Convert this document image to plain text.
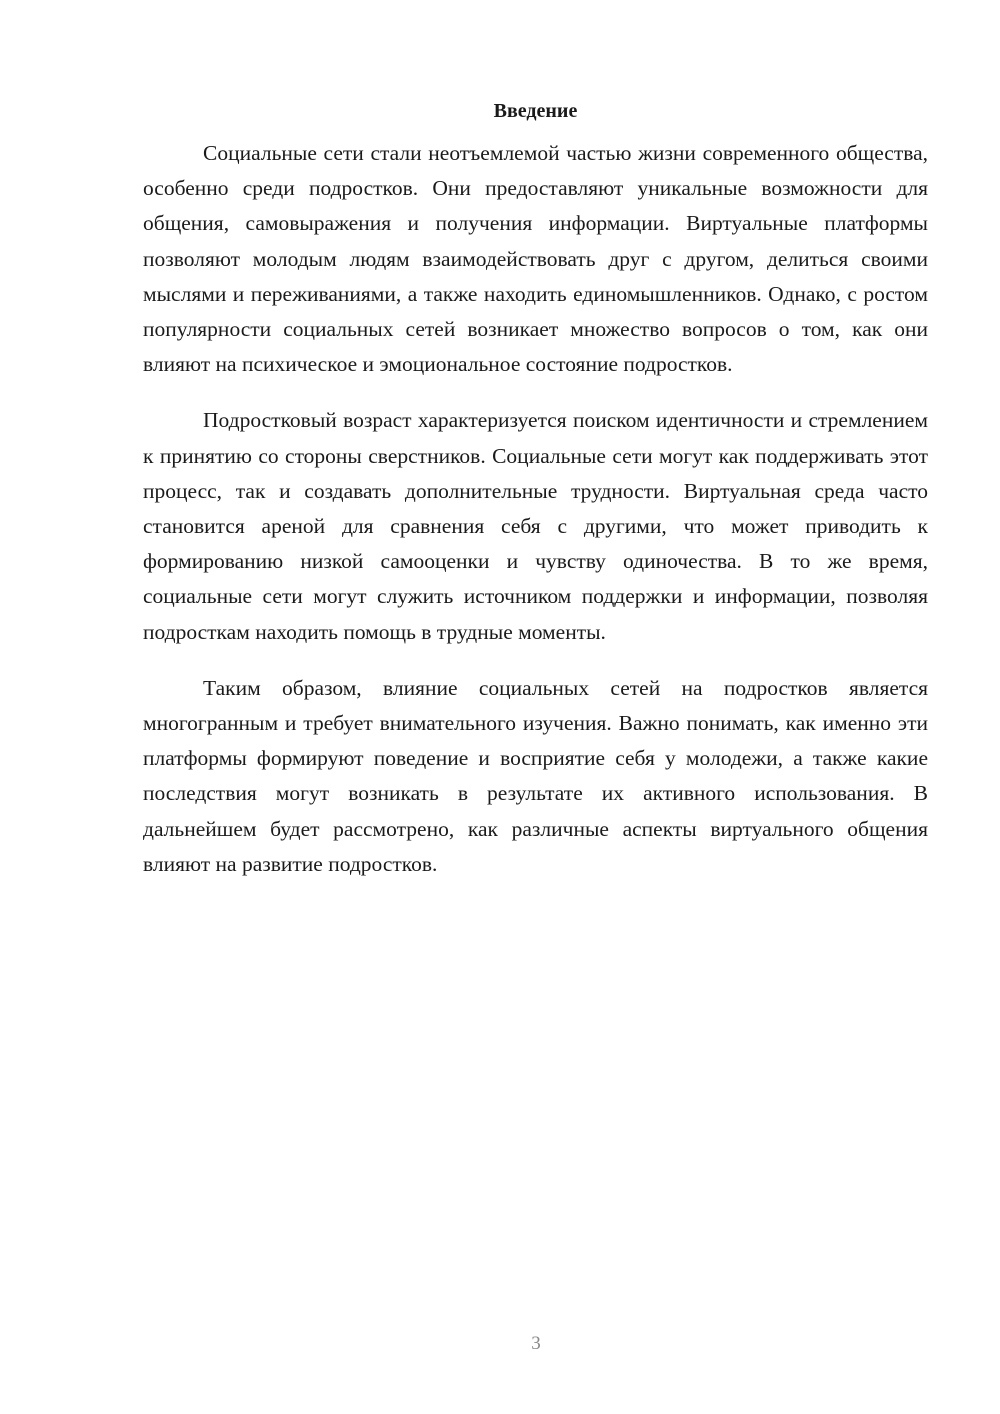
Введение

Социальные сети стали неотъемлемой частью жизни современного общества, особенно среди подростков. Они предоставляют уникальные возможности для общения, самовыражения и получения информации. Виртуальные платформы позволяют молодым людям взаимодействовать друг с другом, делиться своими мыслями и переживаниями, а также находить единомышленников. Однако, с ростом популярности социальных сетей возникает множество вопросов о том, как они влияют на психическое и эмоциональное состояние подростков.

Подростковый возраст характеризуется поиском идентичности и стремлением к принятию со стороны сверстников. Социальные сети могут как поддерживать этот процесс, так и создавать дополнительные трудности. Виртуальная среда часто становится ареной для сравнения себя с другими, что может приводить к формированию низкой самооценки и чувству одиночества. В то же время, социальные сети могут служить источником поддержки и информации, позволяя подросткам находить помощь в трудные моменты.

Таким образом, влияние социальных сетей на подростков является многогранным и требует внимательного изучения. Важно понимать, как именно эти платформы формируют поведение и восприятие себя у молодежи, а также какие последствия могут возникать в результате их активного использования. В дальнейшем будет рассмотрено, как различные аспекты виртуального общения влияют на развитие подростков.

3
